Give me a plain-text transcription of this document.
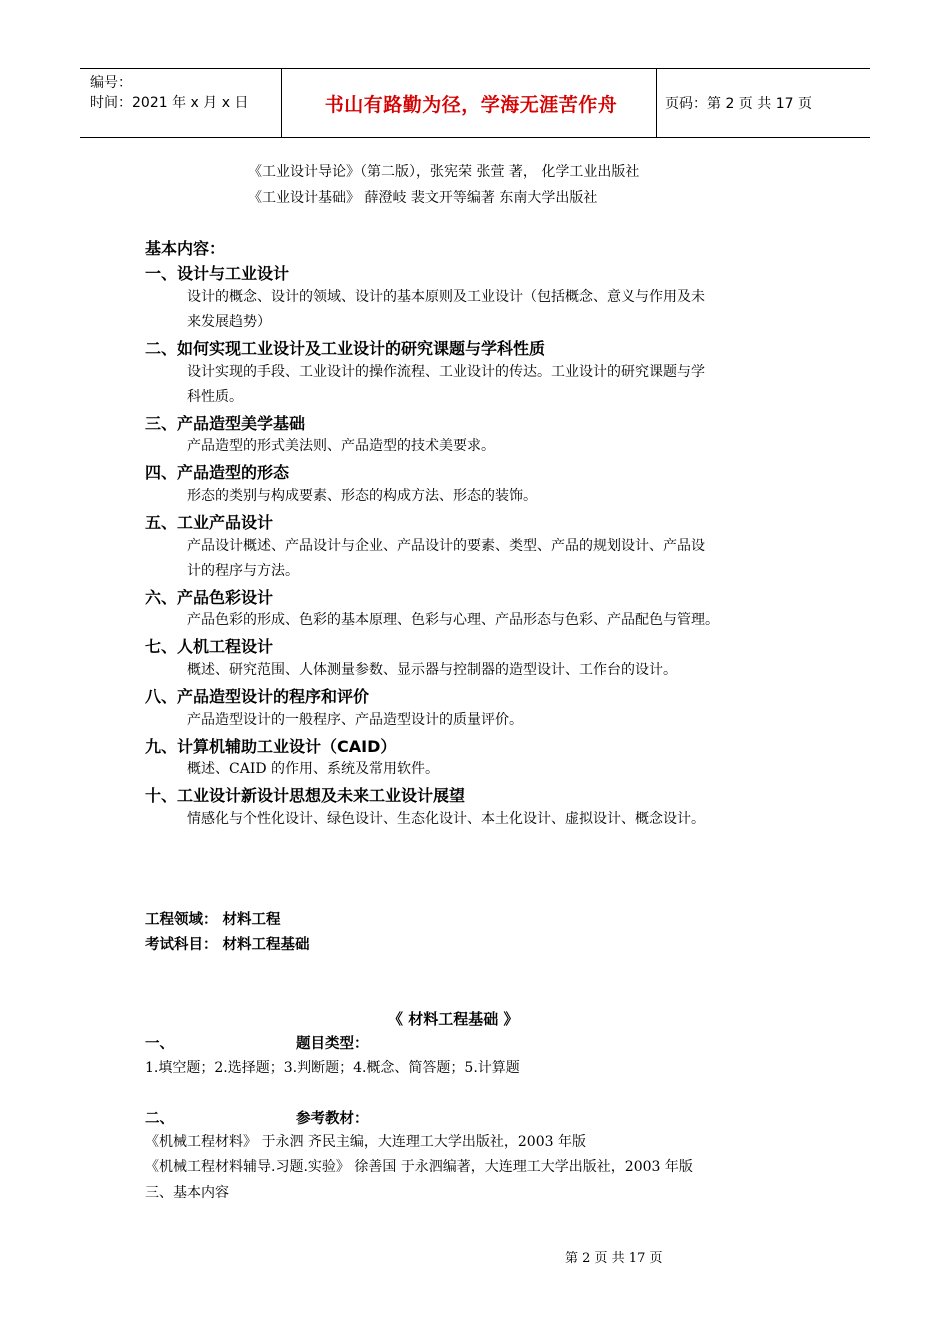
编号：
时间：2021 年 x 月 x 日	书山有路勤为径，学海无涯苦作舟	页码：第 2 页 共 17 页
《工业设计导论》（第二版），张宪荣 张萱 著， 化学工业出版社
《工业设计基础》 薛澄岐 裴文开等编著 东南大学出版社
基本内容：
一、设计与工业设计
设计的概念、设计的领域、设计的基本原则及工业设计（包括概念、意义与作用及未
来发展趋势）
二、如何实现工业设计及工业设计的研究课题与学科性质
设计实现的手段、工业设计的操作流程、工业设计的传达。工业设计的研究课题与学
科性质。
三、产品造型美学基础
产品造型的形式美法则、产品造型的技术美要求。
四、产品造型的形态
形态的类别与构成要素、形态的构成方法、形态的装饰。
五、工业产品设计
产品设计概述、产品设计与企业、产品设计的要素、类型、产品的规划设计、产品设
计的程序与方法。
六、产品色彩设计
产品色彩的形成、色彩的基本原理、色彩与心理、产品形态与色彩、产品配色与管理。
七、人机工程设计
概述、研究范围、人体测量参数、显示器与控制器的造型设计、工作台的设计。
八、产品造型设计的程序和评价
产品造型设计的一般程序、产品造型设计的质量评价。
九、计算机辅助工业设计（CAID）
概述、CAID 的作用、系统及常用软件。
十、工业设计新设计思想及未来工业设计展望
情感化与个性化设计、绿色设计、生态化设计、本土化设计、虚拟设计、概念设计。
工程领域： 材料工程
考试科目： 材料工程基础
《 材料工程基础 》
一、	题目类型：
1.填空题；2.选择题；3.判断题；4.概念、简答题；5.计算题
二、	参考教材：
《机械工程材料》 于永泗 齐民主编，大连理工大学出版社，2003 年版
《机械工程材料辅导.习题.实验》 徐善国 于永泗编著，大连理工大学出版社，2003 年版
三、基本内容
第 2 页 共 17 页
